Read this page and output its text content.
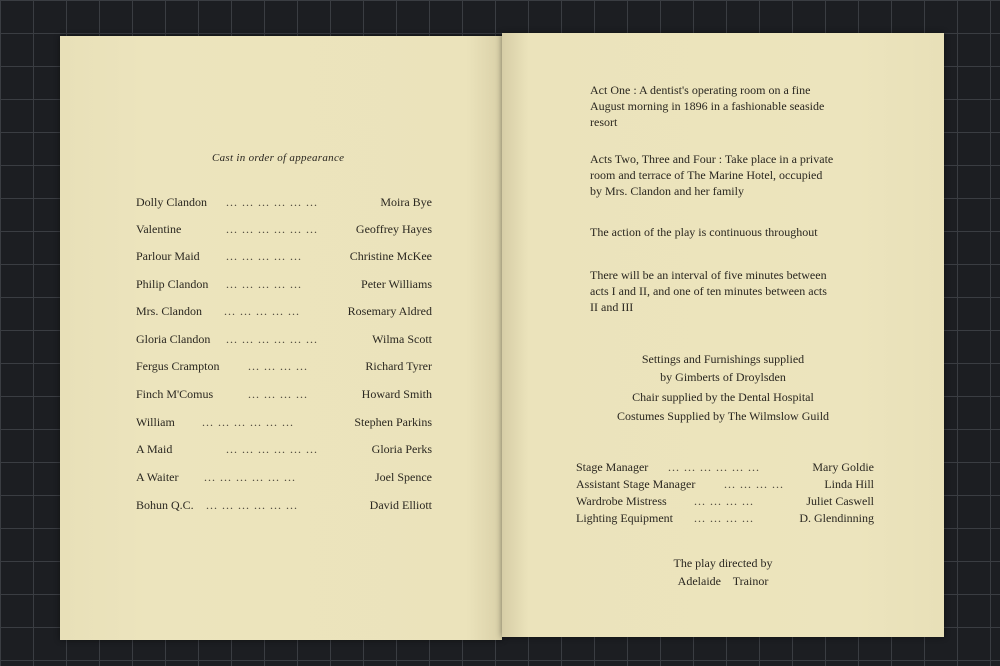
Cast in order of appearance
Dolly Clandon ... ... ... ... ... ...	Moira Bye
Valentine	... ... ... ... ... ...	Geoffrey Hayes
Parlour Maid ... ... ... ... ...	Christine McKee
Philip Clandon ... ... ... ... ...	Peter Williams
Mrs. Clandon ... ... ... ... ...	Rosemary Aldred
Gloria Clandon ... ... ... ... ... ...	Wilma Scott
Fergus Crampton ... ... ... ...	Richard Tyrer
Finch M'Comus	... ... ... ...	Howard Smith
William ... ... ... ... ... ...	Stephen Parkins
A Maid	... ... ... ... ... ...	Gloria Perks
A Waiter ... ... ... ... ... ...	Joel Spence
Bohun Q.C. ... ... ... ... ... ...	David Elliott
Act One : A dentist's operating room on a fine
August morning in 1896 in a fashionable seaside
resort
Acts Two, Three and Four : Take place in a private
room and terrace of The Marine Hotel, occupied
by Mrs. Clandon and her family
The action of the play is continuous throughout
There will be an interval of five minutes between
acts I and II, and one of ten minutes between acts
II and III
Settings and Furnishings supplied
by Gimberts of Droylsden
Chair supplied by the Dental Hospital
Costumes Supplied by The Wilmslow Guild
Stage Manager ... ... ... ... ... ...	Mary Goldie
Assistant Stage Manager ... ... ... ...	Linda Hill
Wardrobe Mistress ... ... ... ...	Juliet Caswell
Lighting Equipment ... ... ... ...	D. Glendinning
The play directed by
Adelaide    Trainor
